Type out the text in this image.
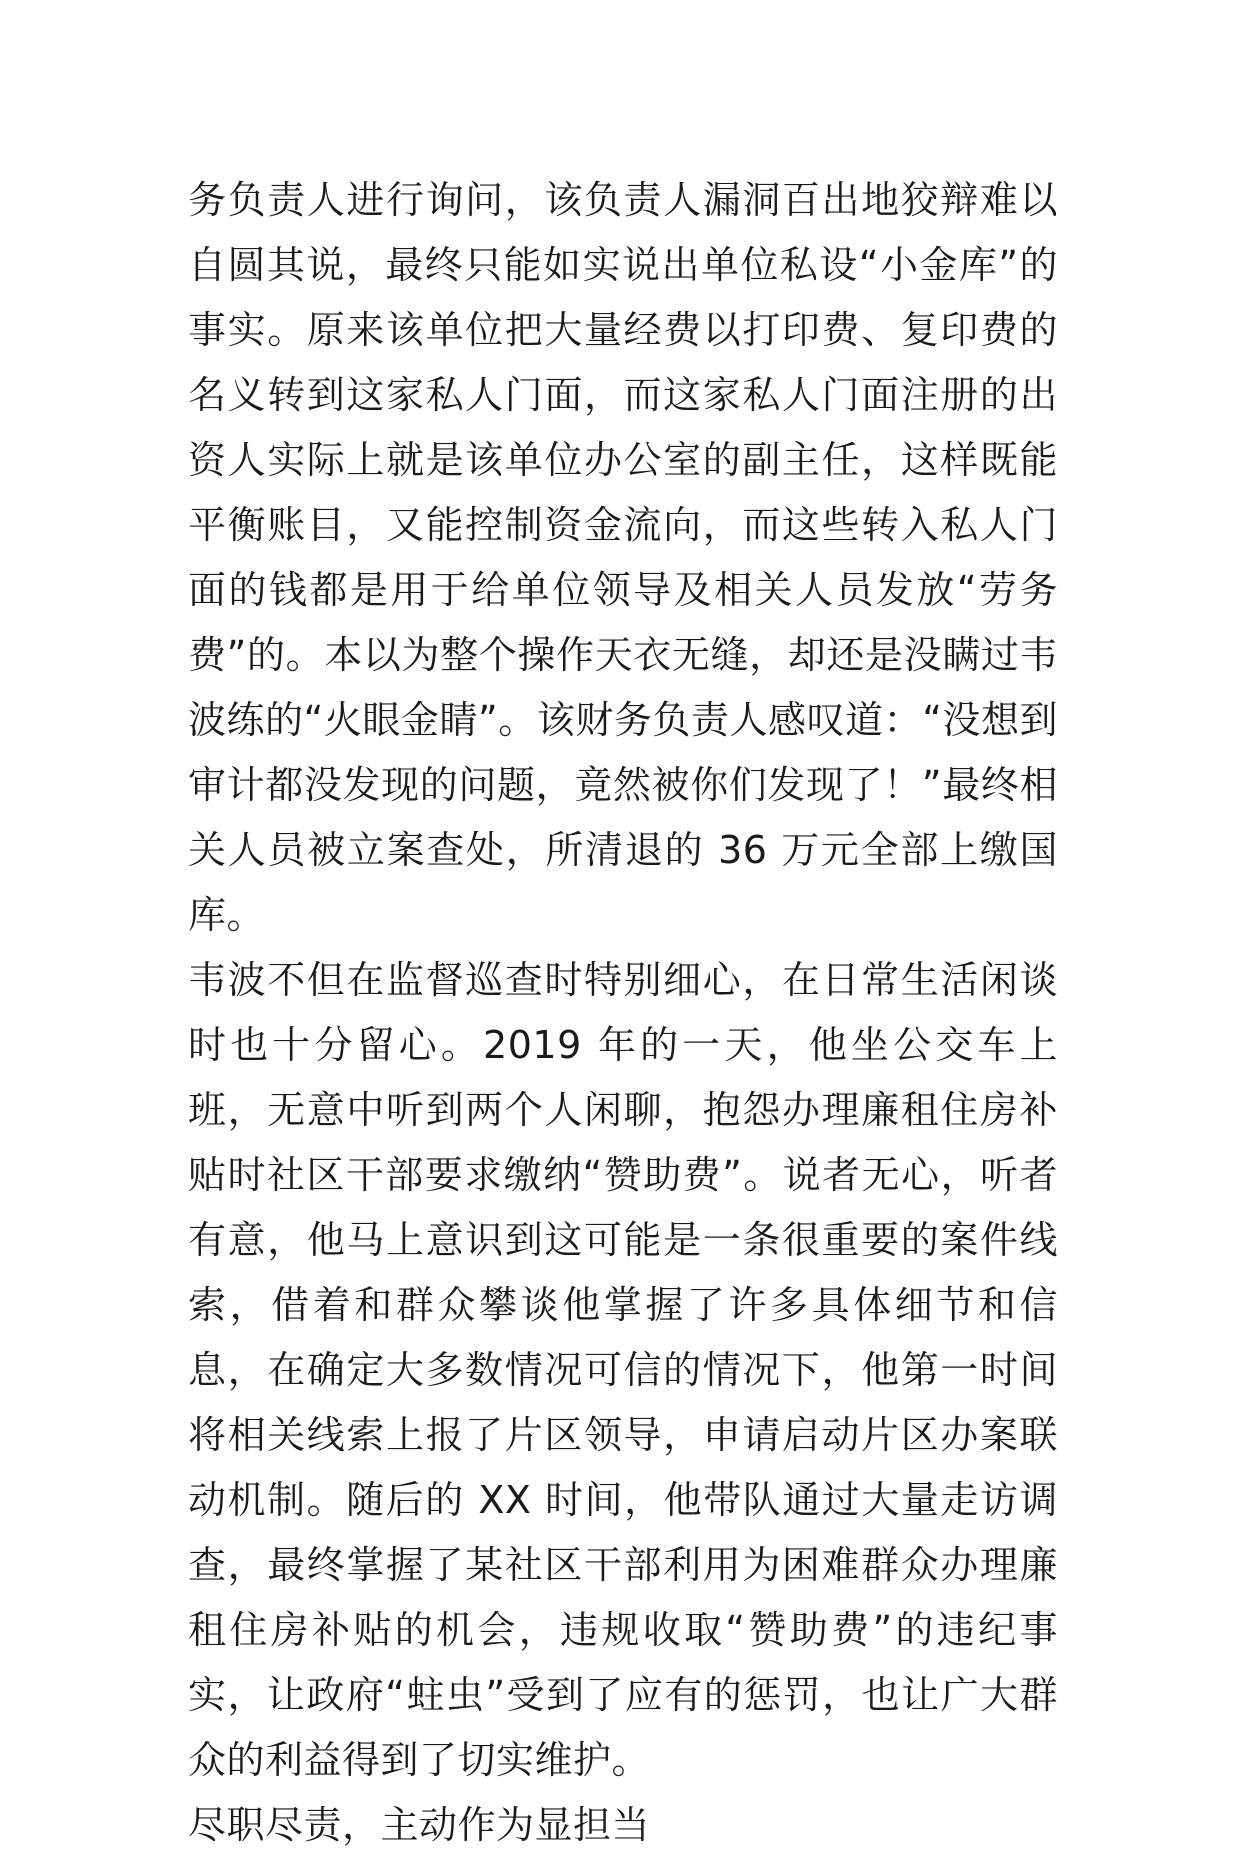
务负责人进行询问，该负责人漏洞百出地狡辩难以自圆其说，最终只能如实说出单位私设“小金库”的事实。原来该单位把大量经费以打印费、复印费的名义转到这家私人门面，而这家私人门面注册的出资人实际上就是该单位办公室的副主任，这样既能平衡账目，又能控制资金流向，而这些转入私人门面的钱都是用于给单位领导及相关人员发放“劳务费”的。本以为整个操作天衣无缝，却还是没瞒过韦波练的“火眼金睛”。该财务负责人感叹道：“没想到审计都没发现的问题，竟然被你们发现了！”最终相关人员被立案查处，所清退的 36 万元全部上缴国库。

韦波不但在监督巡查时特别细心，在日常生活闲谈时也十分留心。2019 年的一天，他坐公交车上班，无意中听到两个人闲聊，抱怨办理廉租住房补贴时社区干部要求缴纳“赞助费”。说者无心，听者有意，他马上意识到这可能是一条很重要的案件线索，借着和群众攀谈他掌握了许多具体细节和信息，在确定大多数情况可信的情况下，他第一时间将相关线索上报了片区领导，申请启动片区办案联动机制。随后的 XX 时间，他带队通过大量走访调查，最终掌握了某社区干部利用为困难群众办理廉租住房补贴的机会，违规收取“赞助费”的违纪事实，让政府“蛀虫”受到了应有的惩罚，也让广大群众的利益得到了切实维护。

尽职尽责，主动作为显担当
